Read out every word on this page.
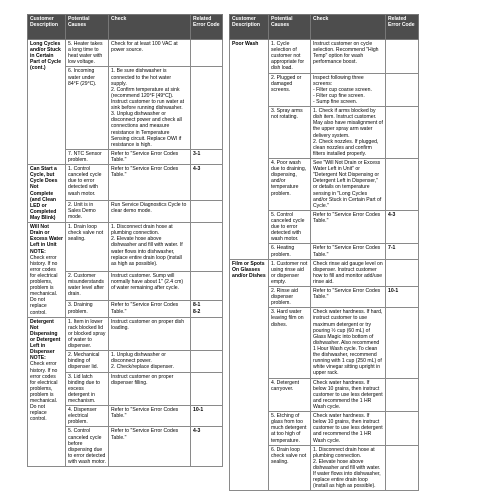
Customer Description	Potential Causes	Check	Related Error Code
Long Cycles and/or Stuck in Certain Part of Cycle (cont.)	5. Heater takes a long time to heat water with low voltage.	Check for at least 100 VAC at power source.	
	6. Incoming water under 84°F (29°C).	1. Be sure dishwasher is connected to the hot water supply.
2. Confirm temperature at sink (recommend 120°F [49°C]). Instruct customer to run water at sink before running dishwasher.
3. Unplug dishwasher or disconnect power and check all connections and measure resistance in Temperature Sensing circuit. Replace OWI if resistance is high.	
	7. NTC Sensor problem.	Refer to "Service Error Codes Table."	3-1
Can Start a Cycle, but Cycle Does Not Complete (and Clean LED or Completed May Blink)	1. Control canceled cycle due to error detected with wash motor.	Refer to "Service Error Codes Table."	4-3
	2. Unit is in Sales Demo mode.	Run Service Diagnostics Cycle to clear demo mode.	
Will Not Drain or Excess Water Left in Unit
NOTE:
Check error history. If no error codes for electrical problems, problem is mechanical. Do not replace control.	1. Drain loop check valve not sealing.	1. Disconnect drain hose at plumbing connection.
2. Elevate hose above dishwasher and fill with water. If water flows into dishwasher, replace entire drain loop (install as high as possible).	
	2. Customer misunderstands water level after drain.	Instruct customer. Sump will normally have about 1" (2.4 cm) of water remaining after cycle.	
	3. Draining problem.	Refer to "Service Error Codes Table."	8-1
8-2
Detergent Not Dispensing or Detergent Left in Dispenser
NOTE:
Check error history. If no error codes for electrical problems, problem is mechanical. Do not replace control.	1. Item in lower rack blocked lid or blocked spray of water to dispenser.	Instruct customer on proper dish loading.	
	2. Mechanical binding of dispenser lid.	1. Unplug dishwasher or disconnect power.
2. Check/replace dispenser.	
	3. Lid latch binding due to excess detergent in mechanism.	Instruct customer on proper dispenser filling.	
	4. Dispenser electrical problem.	Refer to "Service Error Codes Table."	10-1
	5. Control canceled cycle before dispensing due to error detected with wash motor.	Refer to "Service Error Codes Table."	4-3
Customer Description	Potential Causes	Check	Related Error Code
Poor Wash	1. Cycle selection of customer not appropriate for dish load.	Instruct customer on cycle selection. Recommend "High Temp" option for wash performance boost.	
	2. Plugged or damaged screens.	Inspect following three screens:
- Filter cup coarse screen.
- Filter cup fine screen.
- Sump fine screen.	
	3. Spray arms not rotating.	1. Check if arms blocked by dish item. Instruct customer. May also have misalignment of the upper spray arm water delivery system.
2. Check nozzles. If plugged, clean nozzles and confirm filters installed properly.	
	4. Poor wash due to draining, dispensing, and/or temperature problem.	See "Will Not Drain or Excess Water Left in Unit" or "Detergent Not Dispensing or Detergent Left in Dispenser," or details on temperature sensing in "Long Cycles and/or Stuck in Certain Part of Cycle."	
	5. Control canceled cycle due to error detected with wash motor.	Refer to "Service Error Codes Table."	4-3
	6. Heating problem.	Refer to "Service Error Codes Table."	7-1
Film or Spots On Glasses and/or Dishes	1. Customer not using rinse aid or dispenser empty.	Check rinse aid gauge level on dispenser. Instruct customer how to fill and monitor add/use rinse aid.	
	2. Rinse aid dispenser problem.	Refer to "Service Error Codes Table."	10-1
	3. Hard water leaving film on dishes.	Check water hardness. If hard, instruct customer to use maximum detergent or try pouring ½ cup (60 mL) of Glass Magic into bottom of dishwasher. Also recommend 1 Hour Wash cycle. To clean the dishwasher, recommend running with 1 cup (250 mL) of white vinegar sitting upright in upper rack.	
	4. Detergent carryover.	Check water hardness. If below 10 grains, then instruct customer to use less detergent and recommend the 1 HR Wash cycle.	
	5. Etching of glass from too much detergent at too high of temperature.	Check water hardness. If below 10 grains, then instruct customer to use less detergent and recommend the 1 HR Wash cycle.	
	6. Drain loop check valve not sealing.	1. Disconnect drain hose at plumbing connection.
2. Elevate hose above dishwasher and fill with water. If water flows into dishwasher, replace entire drain loop (install as high as possible).	
